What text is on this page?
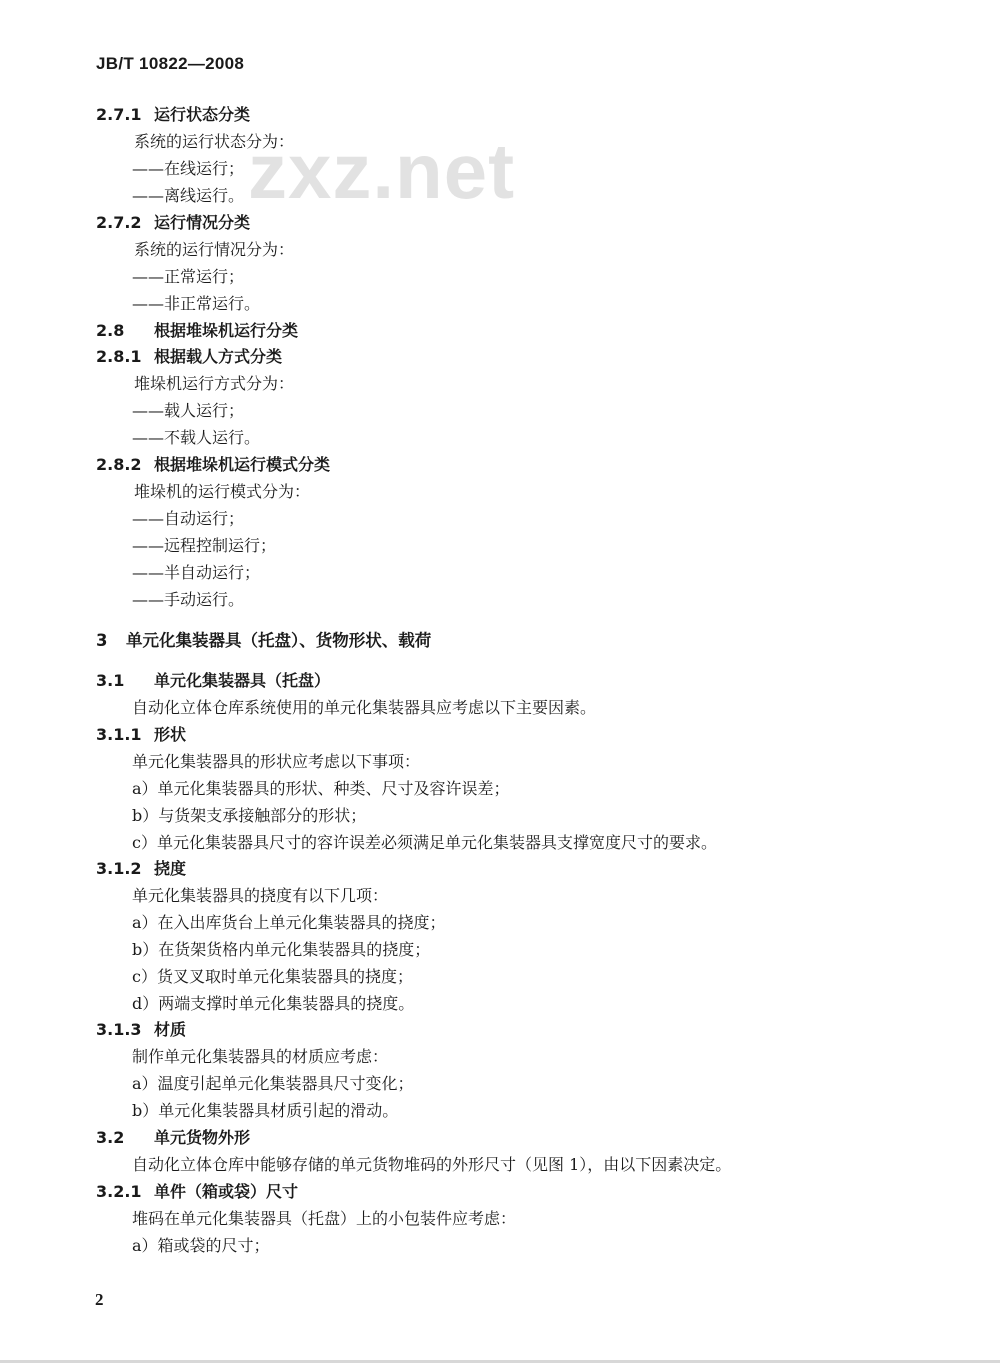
JB/T 10822—2008
zxz.net
2.7.1 运行状态分类
系统的运行状态分为：
——在线运行；
——离线运行。
2.7.2 运行情况分类
系统的运行情况分为：
——正常运行；
——非正常运行。
2.8 根据堆垛机运行分类
2.8.1 根据载人方式分类
堆垛机运行方式分为：
——载人运行；
——不载人运行。
2.8.2 根据堆垛机运行模式分类
堆垛机的运行模式分为：
——自动运行；
——远程控制运行；
——半自动运行；
——手动运行。
3 单元化集装器具（托盘）、货物形状、载荷
3.1 单元化集装器具（托盘）
自动化立体仓库系统使用的单元化集装器具应考虑以下主要因素。
3.1.1 形状
单元化集装器具的形状应考虑以下事项：
a）单元化集装器具的形状、种类、尺寸及容许误差；
b）与货架支承接触部分的形状；
c）单元化集装器具尺寸的容许误差必须满足单元化集装器具支撑宽度尺寸的要求。
3.1.2 挠度
单元化集装器具的挠度有以下几项：
a）在入出库货台上单元化集装器具的挠度；
b）在货架货格内单元化集装器具的挠度；
c）货叉叉取时单元化集装器具的挠度；
d）两端支撑时单元化集装器具的挠度。
3.1.3 材质
制作单元化集装器具的材质应考虑：
a）温度引起单元化集装器具尺寸变化；
b）单元化集装器具材质引起的滑动。
3.2 单元货物外形
自动化立体仓库中能够存储的单元货物堆码的外形尺寸（见图 1），由以下因素决定。
3.2.1 单件（箱或袋）尺寸
堆码在单元化集装器具（托盘）上的小包装件应考虑：
a）箱或袋的尺寸；
2
